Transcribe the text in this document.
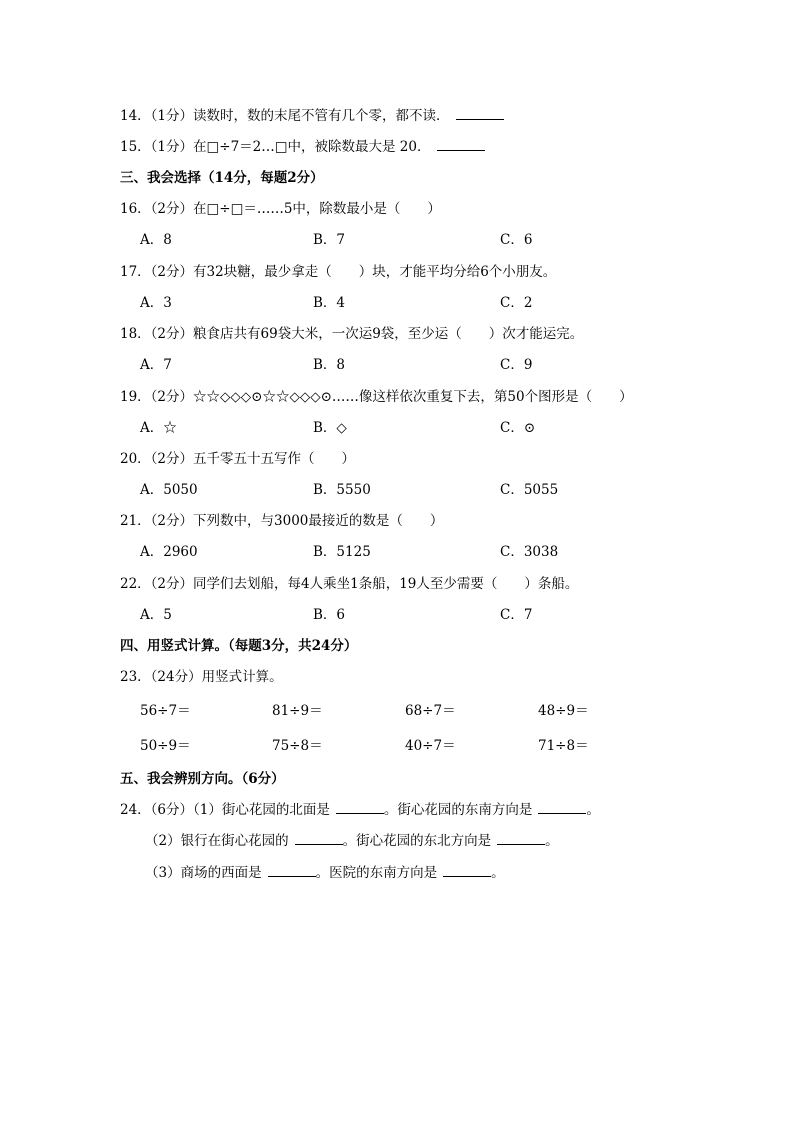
14．（1分）读数时，数的末尾不管有几个零，都不读．
15．（1分）在□÷7＝2…□中，被除数最大是 20．
三、我会选择（14分，每题2分）
16．（2分）在□÷□＝……5中，除数最小是（　　）
A．8	B．7	C．6
17．（2分）有32块糖，最少拿走（　　）块，才能平均分给6个小朋友。
A．3	B．4	C．2
18．（2分）粮食店共有69袋大米，一次运9袋，至少运（　　）次才能运完。
A．7	B．8	C．9
19．（2分）☆☆◇◇◇⊙☆☆◇◇◇⊙……像这样依次重复下去，第50个图形是（　　）
A．☆	B．◇	C．⊙
20．（2分）五千零五十五写作（　　）
A．5050	B．5550	C．5055
21．（2分）下列数中，与3000最接近的数是（　　）
A．2960	B．5125	C．3038
22．（2分）同学们去划船，每4人乘坐1条船，19人至少需要（　　）条船。
A．5	B．6	C．7
四、用竖式计算。（每题3分，共24分）
23．（24分）用竖式计算。
56÷7＝	81÷9＝	68÷7＝	48÷9＝
50÷9＝	75÷8＝	40÷7＝	71÷8＝
五、我会辨别方向。（6分）
24．（6分）（1）街心花园的北面是	。街心花园的东南方向是	。
（2）银行在街心花园的	。街心花园的东北方向是	。
（3）商场的西面是	。医院的东南方向是	。
